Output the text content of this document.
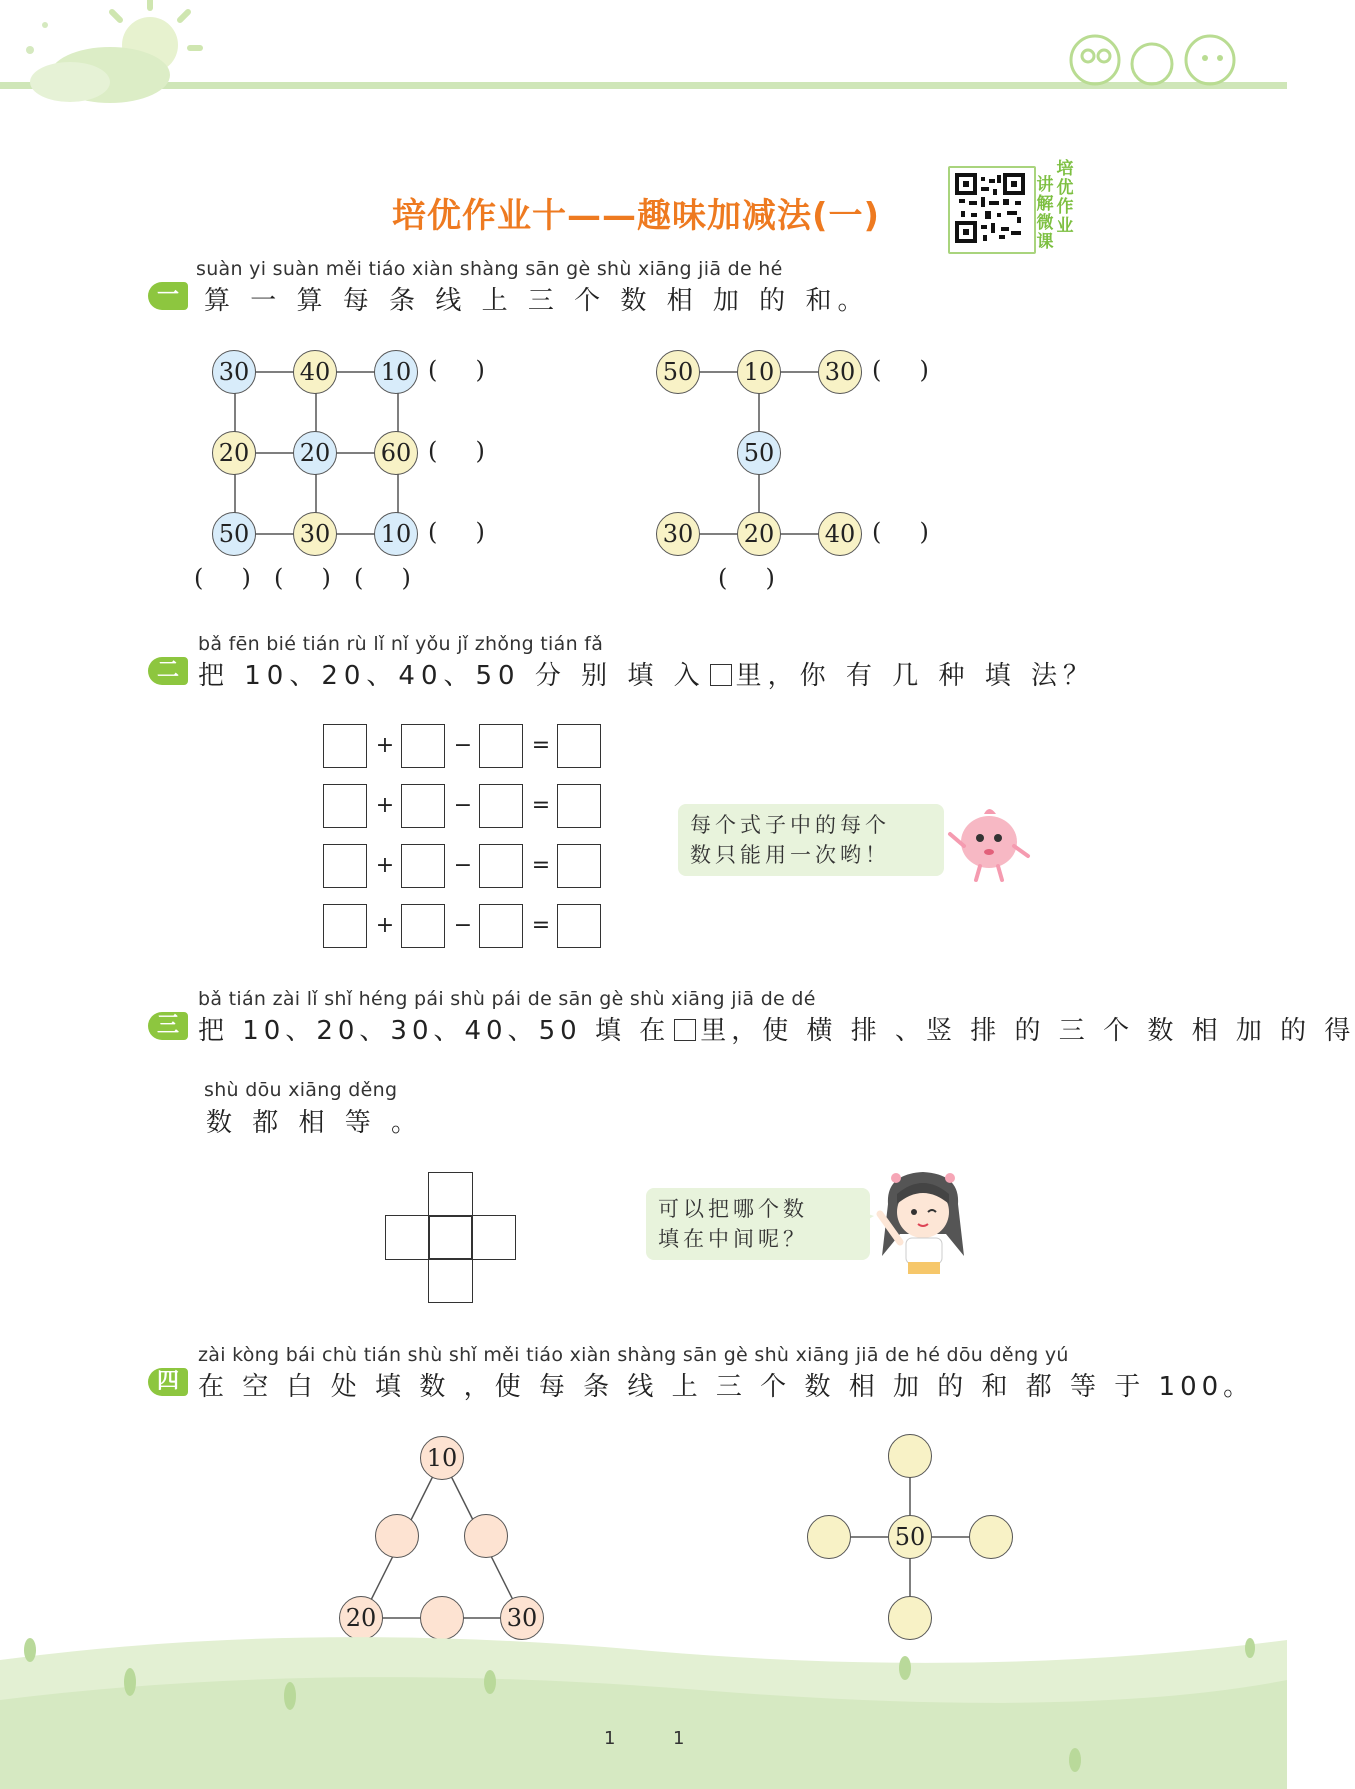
培优作业十——趣味加减法(一)
讲解微课
培优作业
suàn yi suàn měi tiáo xiàn shàng sān gè shù xiāng jiā de hé
一 算 一 算 每 条 线 上 三 个 数 相 加 的 和。
30 40 10
20 20 60
50 30 10
(     )
(     )
(     )
(     ) (     ) (     )
50 10 30
50
30 20 40
(     )
(     )
(     )
bǎ fēn bié tián rù lǐ nǐ yǒu jǐ zhǒng tián fǎ
二 把 10、20、40、50 分 别 填 入 里，你 有 几 种 填 法？
+	−	=
+	−	=
+	−	=
+	−	=
每个式子中的每个
数只能用一次哟！
bǎ tián zài lǐ shǐ héng pái shù pái de sān gè shù xiāng jiā de dé
三 把 10、20、30、40、50 填 在 里，使 横 排 、竖 排 的 三 个 数 相 加 的 得
shù dōu xiāng děng
数 都 相 等 。
可以把哪个数
填在中间呢？
zài kòng bái chù tián shù shǐ měi tiáo xiàn shàng sān gè shù xiāng jiā de hé dōu děng yú
四 在 空 白 处 填 数 ，使 每 条 线 上 三 个 数 相 加 的 和 都 等 于 100。
10
20	30
50
1	1
